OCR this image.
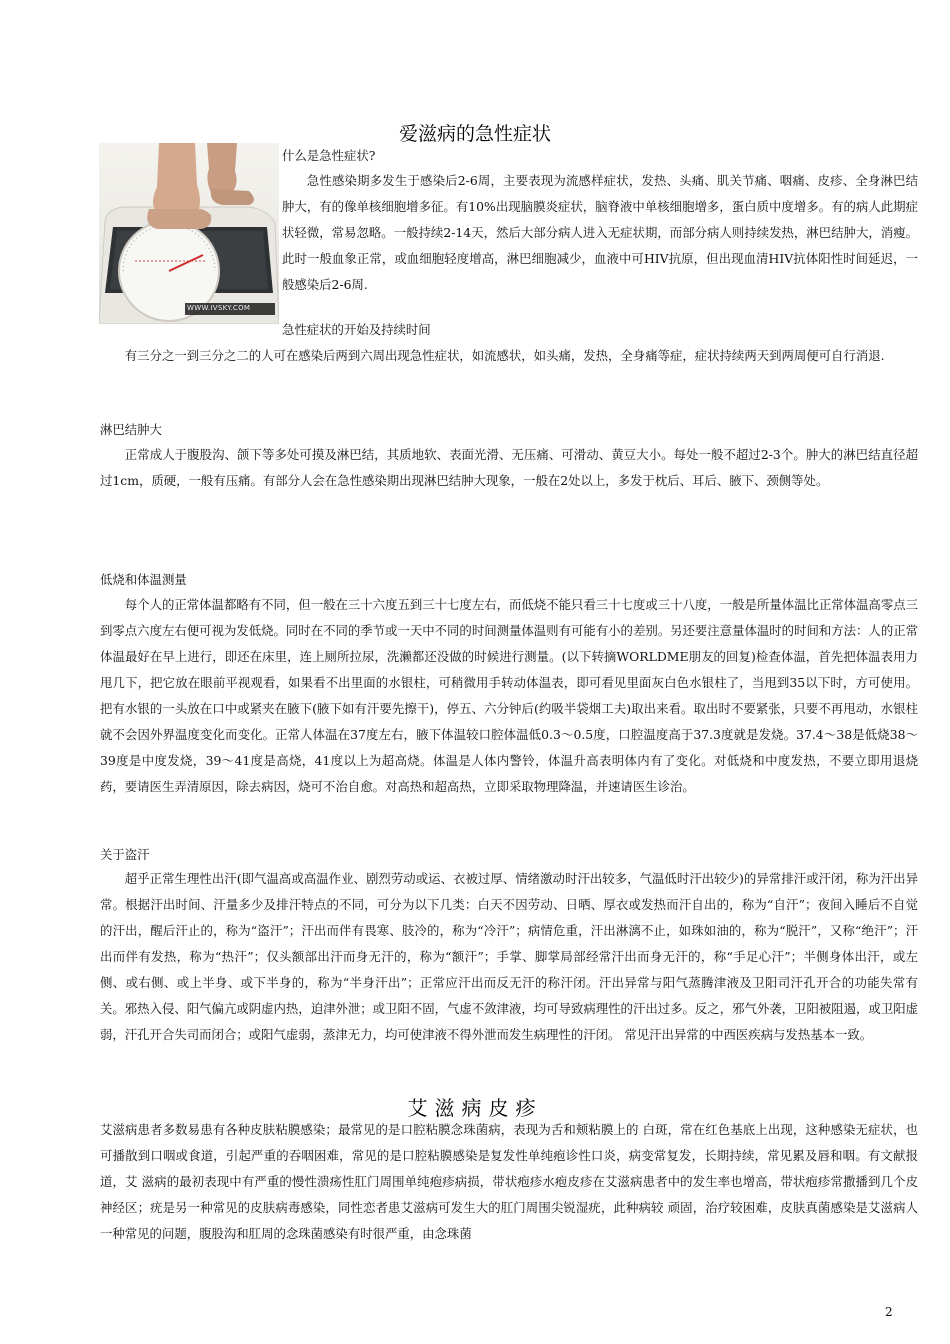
爱滋病的急性症状
WWW.IVSKY.COM

什么是急性症状?

急性感染期多发生于感染后2-6周，主要表现为流感样症状，发热、头痛、肌关节痛、咽痛、皮疹、全身淋巴结肿大，有的像单核细胞增多征。有10%出现脑膜炎症状，脑脊液中单核细胞增多，蛋白质中度增多。有的病人此期症状轻微，常易忽略。一般持续2-14天，然后大部分病人进入无症状期，而部分病人则持续发热，淋巴结肿大，消瘦。此时一般血象正常，或血细胞轻度增高，淋巴细胞减少，血液中可HIV抗原，但出现血清HIV抗体阳性时间延迟，一般感染后2-6周.

急性症状的开始及持续时间

有三分之一到三分之二的人可在感染后两到六周出现急性症状，如流感状，如头痛，发热，全身痛等症，症状持续两天到两周便可自行消退.

淋巴结肿大

正常成人于腹股沟、颌下等多处可摸及淋巴结，其质地软、表面光滑、无压痛、可滑动、黄豆大小。每处一般不超过2-3个。肿大的淋巴结直径超过1cm，质硬，一般有压痛。有部分人会在急性感染期出现淋巴结肿大现象，一般在2处以上，多发于枕后、耳后、腋下、颈侧等处。

低烧和体温测量

每个人的正常体温都略有不同，但一般在三十六度五到三十七度左右，而低烧不能只看三十七度或三十八度，一般是所量体温比正常体温高零点三到零点六度左右便可视为发低烧。同时在不同的季节或一天中不同的时间测量体温则有可能有小的差别。另还要注意量体温时的时间和方法：人的正常体温最好在早上进行，即还在床里，连上厕所拉尿，洗濑都还没做的时候进行测量。(以下转摘WORLDME朋友的回复)检查体温，首先把体温表用力甩几下，把它放在眼前平视观看，如果看不出里面的水银柱，可稍微用手转动体温表，即可看见里面灰白色水银柱了，当甩到35以下时，方可使用。把有水银的一头放在口中或紧夹在腋下(腋下如有汗要先擦干)，停五、六分钟后(约吸半袋烟工夫)取出来看。取出时不要紧张，只要不再甩动，水银柱就不会因外界温度变化而变化。正常人体温在37度左右，腋下体温较口腔体温低0.3～0.5度，口腔温度高于37.3度就是发烧。37.4～38是低烧38～39度是中度发烧，39～41度是高烧，41度以上为超高烧。体温是人体内警铃，体温升高表明体内有了变化。对低烧和中度发热，不要立即用退烧药，要请医生弄清原因，除去病因，烧可不治自愈。对高热和超高热，立即采取物理降温，并速请医生诊治。

关于盗汗

超乎正常生理性出汗(即气温高或高温作业、剧烈劳动或运、衣被过厚、情绪激动时汗出较多，气温低时汗出较少)的异常排汗或汗闭，称为汗出异常。根据汗出时间、汗量多少及排汗特点的不同，可分为以下几类：白天不因劳动、日晒、厚衣或发热而汗自出的，称为“自汗”；夜间入睡后不自觉的汗出，醒后汗止的，称为“盗汗”；汗出而伴有畏寒、肢冷的，称为“冷汗”；病情危重，汗出淋漓不止，如珠如油的，称为“脱汗”，又称“绝汗”；汗出而伴有发热，称为“热汗”；仅头额部出汗而身无汗的，称为“额汗”；手掌、脚掌局部经常汗出而身无汗的，称“手足心汗”；半侧身体出汗，或左侧、或右侧、或上半身、或下半身的，称为“半身汗出”；正常应汗出而反无汗的称汗闭。汗出异常与阳气蒸腾津液及卫阳司汗孔开合的功能失常有关。邪热入侵、阳气偏亢或阴虚内热，迫津外泄；或卫阳不固，气虚不敛津液，均可导致病理性的汗出过多。反之，邪气外袭，卫阳被阻遏，或卫阳虚弱，汗孔开合失司而闭合；或阳气虚弱，蒸津无力，均可使津液不得外泄而发生病理性的汗闭。 常见汗出异常的中西医疾病与发热基本一致。

艾滋病皮疹

艾滋病患者多数易患有各种皮肤粘膜感染；最常见的是口腔粘膜念珠菌病，表现为舌和颊粘膜上的 白斑，常在红色基底上出现，这种感染无症状，也可播散到口咽或食道，引起严重的吞咽困难，常见的是口腔粘膜感染是复发性单纯疱诊性口炎，病变常复发，长期持续，常见累及唇和咽。有文献报道，艾 滋病的最初表现中有严重的慢性溃疡性肛门周围单纯疱疹病损，带状疱疹水疱皮疹在艾滋病患者中的发生率也增高，带状疱疹常撒播到几个皮神经区；疣是另一种常见的皮肤病毒感染，同性恋者患艾滋病可发生大的肛门周围尖锐湿疣，此种病较 顽固，治疗较困难，皮肤真菌感染是艾滋病人一种常见的问题，腹股沟和肛周的念珠菌感染有时很严重，由念珠菌

2
